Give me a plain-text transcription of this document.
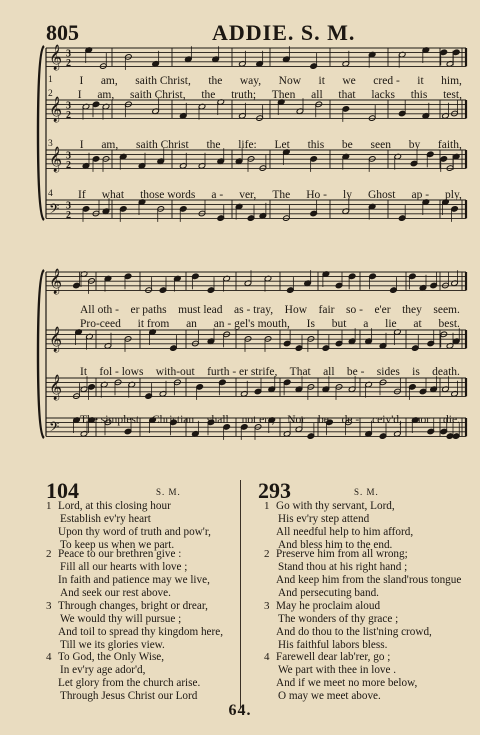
805	ADDIE. S. M.
𝄞 3
2
𝄞 3
2
𝄞 3
2
𝄢 3
2
𝄞
𝄞
𝄞
𝄢
1	I am, saith Christ, the way, Now it we cred - it him,
2	I am, saith Christ, the truth; Then all that lacks this test,
3	I am, saith Christ the life: Let this be seen by faith,
4	If what those words a - ver, The Ho - ly Ghost ap - ply,
All oth - er paths must lead as - tray, How fair so - e'er they seem.
Pro-ceed it from an an - gel's mouth, Is but a lie at best.
It fol - lows with-out furth - er strife, That all be - sides is death.
The simplest Christian shall not err, Nor be de - ceiv'd, nor die.
104	S. M.
1 Lord, at this closing hour
Establish ev'ry heart
Upon thy word of truth and pow'r,
To keep us when we part.
2 Peace to our brethren give :
Fill all our hearts with love ;
In faith and patience may we live,
And seek our rest above.
3 Through changes, bright or drear,
We would thy will pursue ;
And toil to spread thy kingdom here,
Till we its glories view.
4 To God, the Only Wise,
In ev'ry age ador'd,
Let glory from the church arise.
Through Jesus Christ our Lord
293	S. M.
1 Go with thy servant, Lord,
His ev'ry step attend
All needful help to him afford,
And bless him to the end.
2 Preserve him from all wrong;
Stand thou at his right hand ;
And keep him from the sland'rous tongue
And persecuting band.
3 May he proclaim aloud
The wonders of thy grace ;
And do thou to the list'ning crowd,
His faithful labors bless.
4 Farewell dear lab'rer, go ;
We part with thee in love .
And if we meet no more below,
O may we meet above.
64.
